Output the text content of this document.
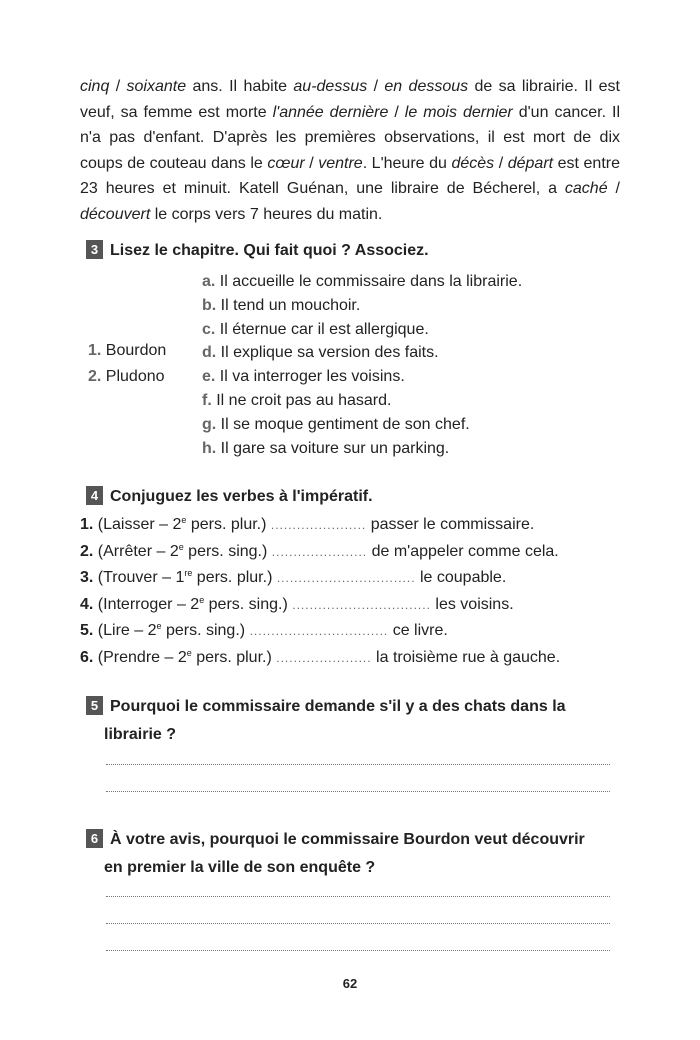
cinq / soixante ans. Il habite au-dessus / en dessous de sa librairie. Il est veuf, sa femme est morte l'année dernière / le mois dernier d'un cancer. Il n'a pas d'enfant. D'après les premières observations, il est mort de dix coups de couteau dans le cœur / ventre. L'heure du décès / départ est entre 23 heures et minuit. Katell Guénan, une libraire de Bécherel, a caché / découvert le corps vers 7 heures du matin.

3 Lisez le chapitre. Qui fait quoi ? Associez.
1. Bourdon
2. Pludono
a. Il accueille le commissaire dans la librairie.
b. Il tend un mouchoir.
c. Il éternue car il est allergique.
d. Il explique sa version des faits.
e. Il va interroger les voisins.
f. Il ne croit pas au hasard.
g. Il se moque gentiment de son chef.
h. Il gare sa voiture sur un parking.
4 Conjuguez les verbes à l'impératif.
1. (Laisser – 2e pers. plur.) ...................... passer le commissaire.
2. (Arrêter – 2e pers. sing.) ...................... de m'appeler comme cela.
3. (Trouver – 1re pers. plur.) ................................ le coupable.
4. (Interroger – 2e pers. sing.) ................................ les voisins.
5. (Lire – 2e pers. sing.) ................................ ce livre.
6. (Prendre – 2e pers. plur.) ...................... la troisième rue à gauche.
5 Pourquoi le commissaire demande s'il y a des chats dans la
librairie ?
6 À votre avis, pourquoi le commissaire Bourdon veut découvrir
en premier la ville de son enquête ?
62
